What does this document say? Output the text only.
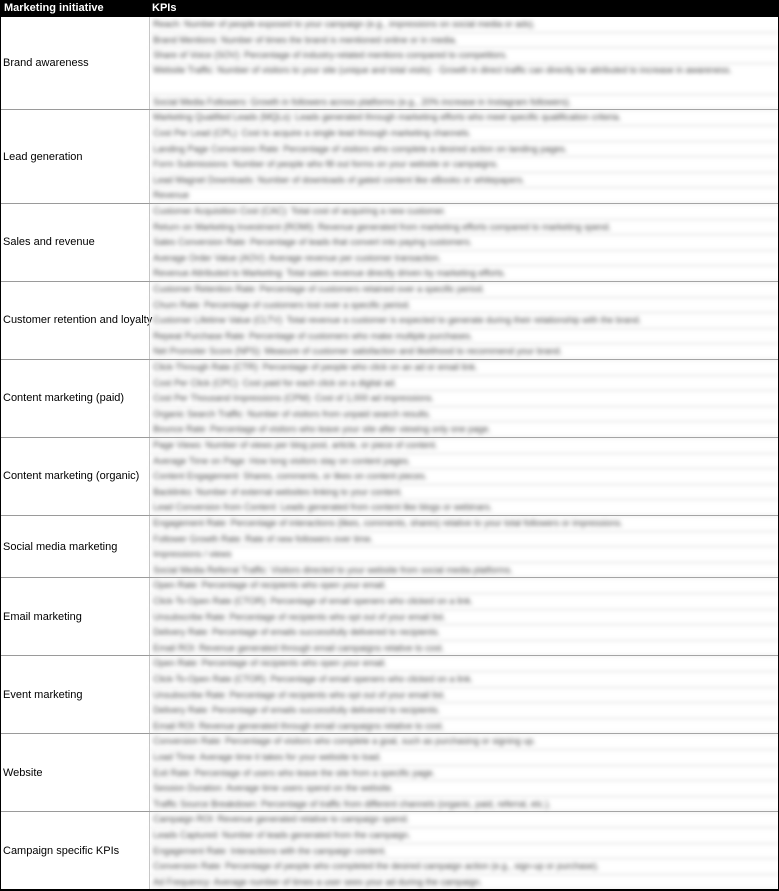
Marketing initiative	KPIs
Brand awareness
Reach: Number of people exposed to your campaign (e.g., impressions on social media or ads).
Brand Mentions: Number of times the brand is mentioned online or in media.
Share of Voice (SOV): Percentage of industry-related mentions compared to competitors.
Website Traffic: Number of visitors to your site (unique and total visits) - Growth in direct traffic can directly be attributed to increase in awareness.
Social Media Followers: Growth in followers across platforms (e.g., 20% increase in Instagram followers).
Lead generation
Marketing Qualified Leads (MQLs): Leads generated through marketing efforts who meet specific qualification criteria.
Cost Per Lead (CPL): Cost to acquire a single lead through marketing channels.
Landing Page Conversion Rate: Percentage of visitors who complete a desired action on landing pages.
Form Submissions: Number of people who fill out forms on your website or campaigns.
Lead Magnet Downloads: Number of downloads of gated content like eBooks or whitepapers.
Revenue
Sales and revenue
Customer Acquisition Cost (CAC): Total cost of acquiring a new customer.
Return on Marketing Investment (ROMI): Revenue generated from marketing efforts compared to marketing spend.
Sales Conversion Rate: Percentage of leads that convert into paying customers.
Average Order Value (AOV): Average revenue per customer transaction.
Revenue Attributed to Marketing: Total sales revenue directly driven by marketing efforts.
Customer retention and loyalty
Customer Retention Rate: Percentage of customers retained over a specific period.
Churn Rate: Percentage of customers lost over a specific period.
Customer Lifetime Value (CLTV): Total revenue a customer is expected to generate during their relationship with the brand.
Repeat Purchase Rate: Percentage of customers who make multiple purchases.
Net Promoter Score (NPS): Measure of customer satisfaction and likelihood to recommend your brand.
Content marketing (paid)
Click-Through Rate (CTR): Percentage of people who click on an ad or email link.
Cost Per Click (CPC): Cost paid for each click on a digital ad.
Cost Per Thousand Impressions (CPM): Cost of 1,000 ad impressions.
Organic Search Traffic: Number of visitors from unpaid search results.
Bounce Rate: Percentage of visitors who leave your site after viewing only one page.
Content marketing (organic)
Page Views: Number of views per blog post, article, or piece of content.
Average Time on Page: How long visitors stay on content pages.
Content Engagement: Shares, comments, or likes on content pieces.
Backlinks: Number of external websites linking to your content.
Lead Conversion from Content: Leads generated from content like blogs or webinars.
Social media marketing
Engagement Rate: Percentage of interactions (likes, comments, shares) relative to your total followers or impressions.
Follower Growth Rate: Rate of new followers over time.
Impressions / views
Social Media Referral Traffic: Visitors directed to your website from social media platforms.
Email marketing
Open Rate: Percentage of recipients who open your email.
Click-To-Open Rate (CTOR): Percentage of email openers who clicked on a link.
Unsubscribe Rate: Percentage of recipients who opt out of your email list.
Delivery Rate: Percentage of emails successfully delivered to recipients.
Email ROI: Revenue generated through email campaigns relative to cost.
Event marketing
Open Rate: Percentage of recipients who open your email.
Click-To-Open Rate (CTOR): Percentage of email openers who clicked on a link.
Unsubscribe Rate: Percentage of recipients who opt out of your email list.
Delivery Rate: Percentage of emails successfully delivered to recipients.
Email ROI: Revenue generated through email campaigns relative to cost.
Website
Conversion Rate: Percentage of visitors who complete a goal, such as purchasing or signing up.
Load Time: Average time it takes for your website to load.
Exit Rate: Percentage of users who leave the site from a specific page.
Session Duration: Average time users spend on the website.
Traffic Source Breakdown: Percentage of traffic from different channels (organic, paid, referral, etc.).
Campaign specific KPIs
Campaign ROI: Revenue generated relative to campaign spend.
Leads Captured: Number of leads generated from the campaign.
Engagement Rate: Interactions with the campaign content.
Conversion Rate: Percentage of people who completed the desired campaign action (e.g., sign-up or purchase).
Ad Frequency: Average number of times a user sees your ad during the campaign.
